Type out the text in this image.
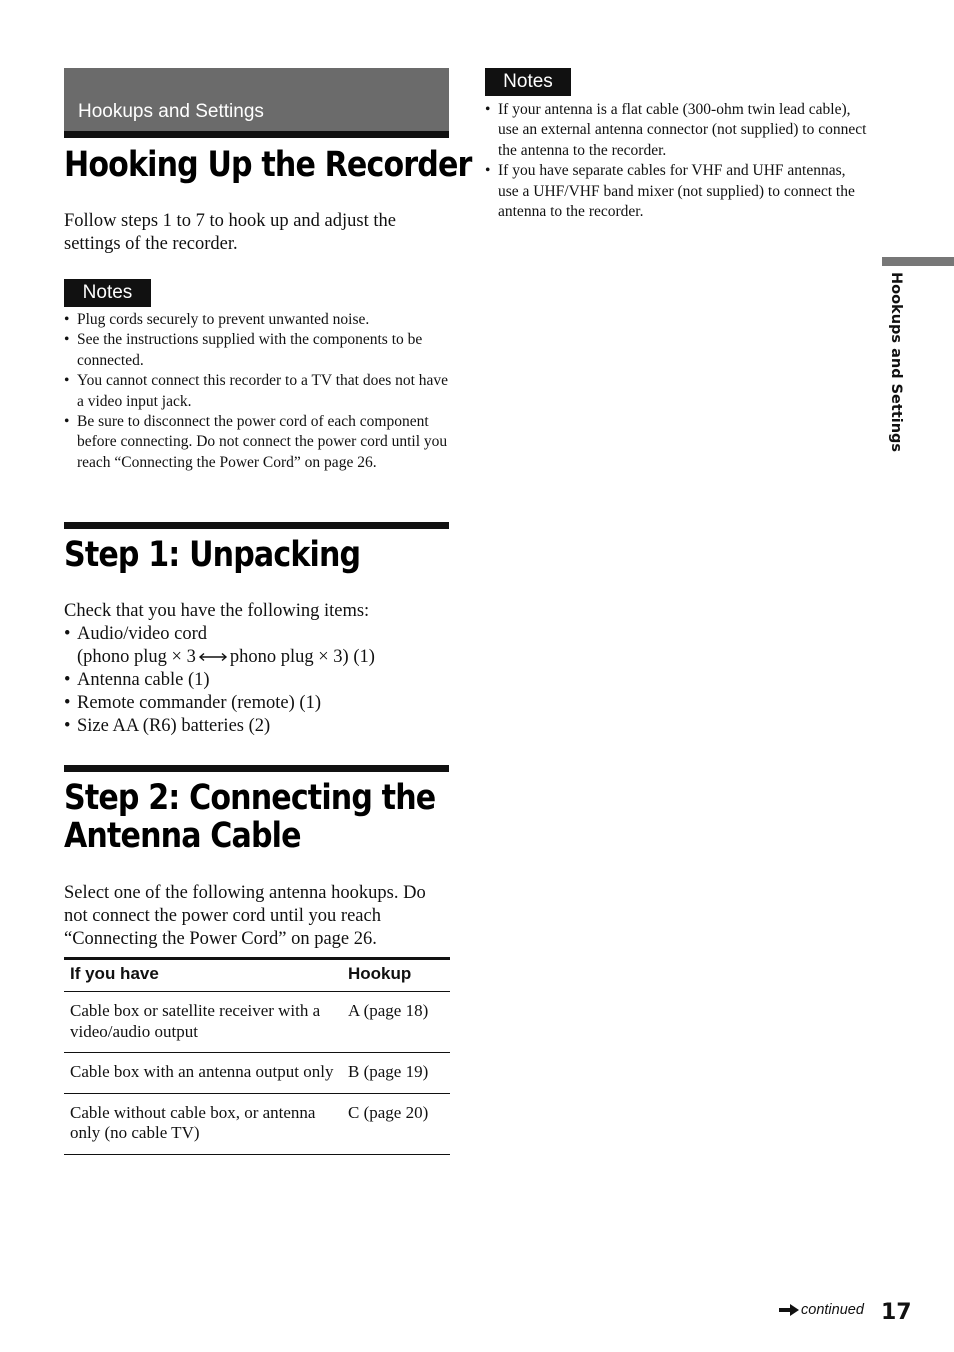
Hookups and Settings
Hooking Up the Recorder

Follow steps 1 to 7 to hook up and adjust the settings of the recorder.

Notes
• Plug cords securely to prevent unwanted noise.
• See the instructions supplied with the components to be connected.
• You cannot connect this recorder to a TV that does not have a video input jack.
• Be sure to disconnect the power cord of each component before connecting. Do not connect the power cord until you reach “Connecting the Power Cord” on page 26.
Step 1: Unpacking

Check that you have the following items:

• Audio/video cord
(phono plug × 3 phono plug × 3) (1)
• Antenna cable (1)
• Remote commander (remote) (1)
• Size AA (R6) batteries (2)
Step 2: Connecting the
Antenna Cable

Select one of the following antenna hookups. Do not connect the power cord until you reach “Connecting the Power Cord” on page 26.

If you have	Hookup
Cable box or satellite receiver with a video/audio output	A (page 18)
Cable box with an antenna output only	B (page 19)
Cable without cable box, or antenna only (no cable TV)	C (page 20)
Notes
• If your antenna is a flat cable (300-ohm twin lead cable), use an external antenna connector (not supplied) to connect the antenna to the recorder.
• If you have separate cables for VHF and UHF antennas, use a UHF/VHF band mixer (not supplied) to connect the antenna to the recorder.
Hookups and Settings
continued 17
